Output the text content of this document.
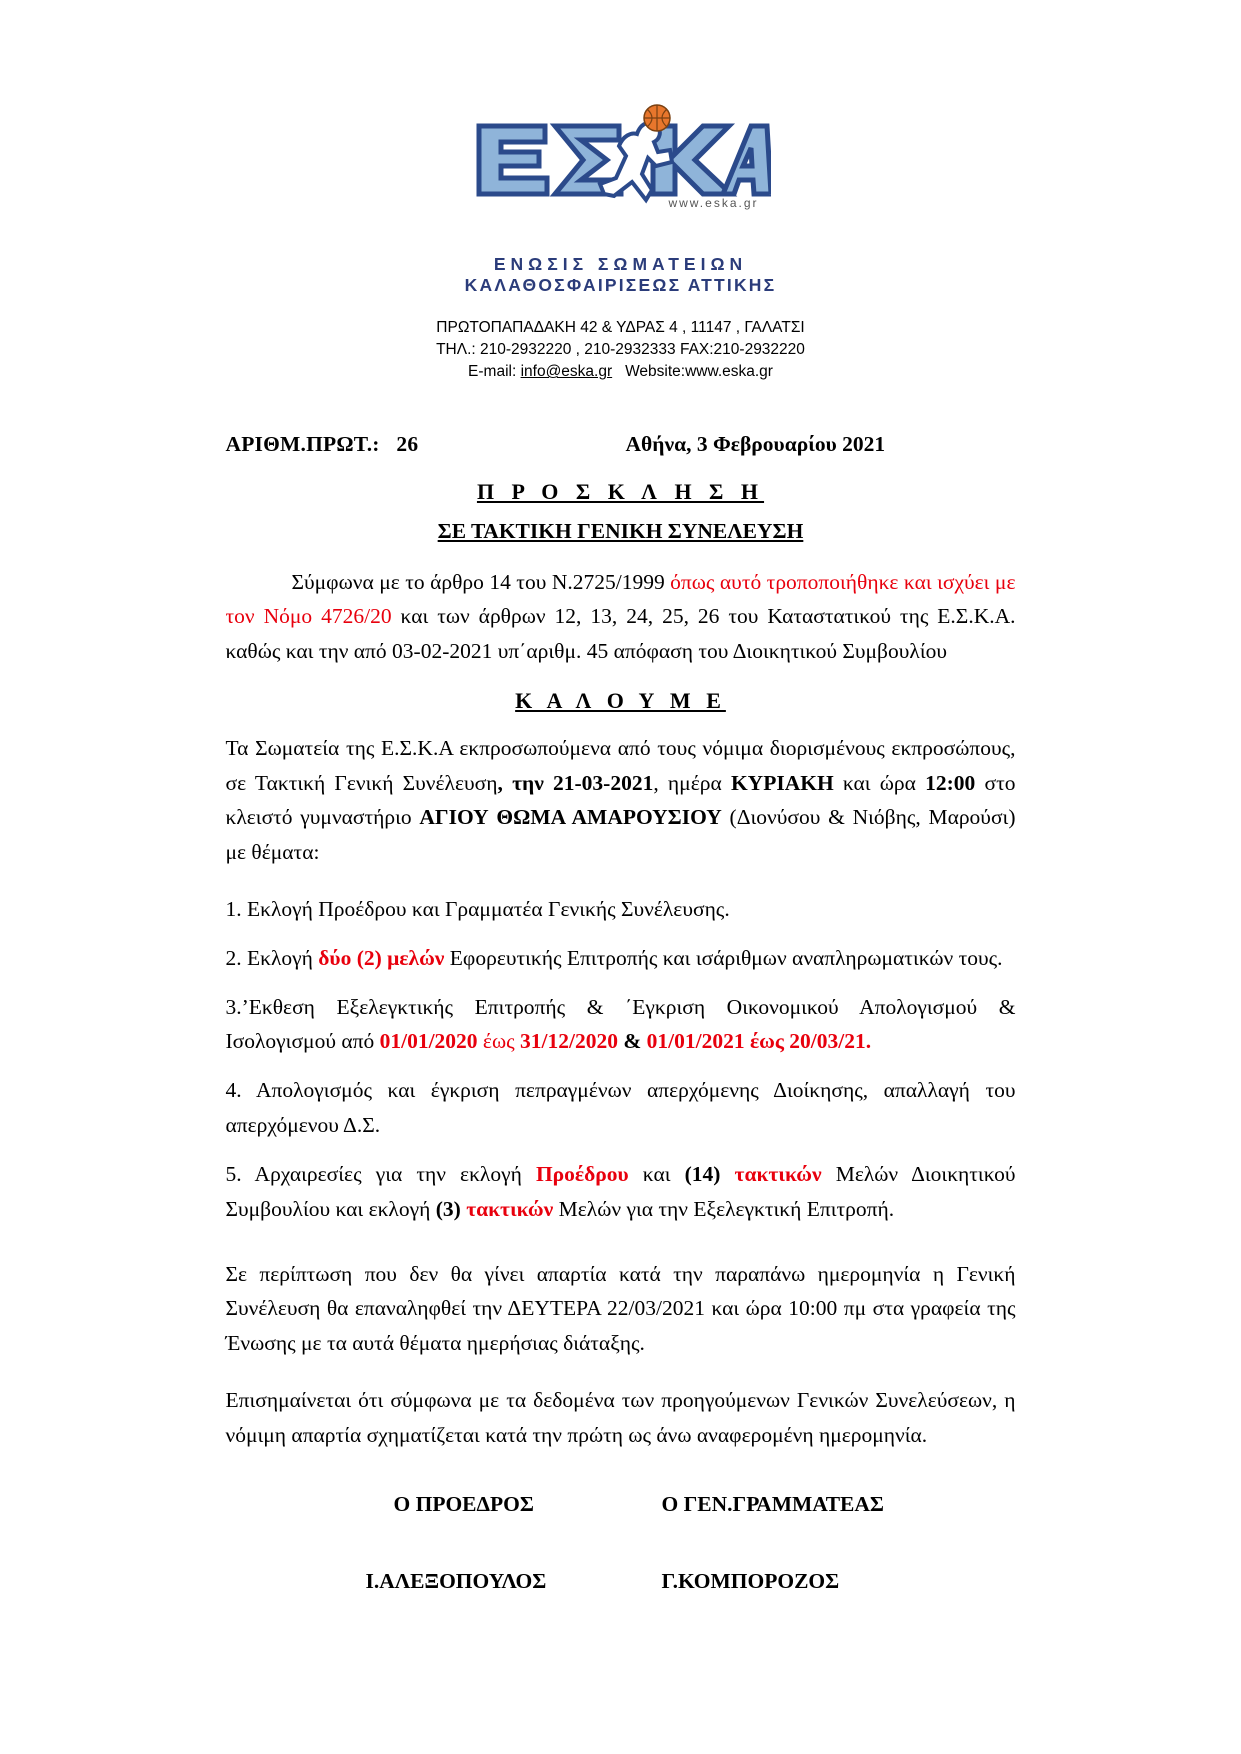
www.eska.gr
ΕΝΩΣΙΣ ΣΩΜΑΤΕΙΩΝ
ΚΑΛΑΘΟΣΦΑΙΡΙΣΕΩΣ ΑΤΤΙΚΗΣ
ΠΡΩΤΟΠΑΠΑΔΑΚΗ 42 & ΥΔΡΑΣ 4 , 11147 , ΓΑΛΑΤΣΙ
ΤΗΛ.: 210-2932220 , 210-2932333 FAX:210-2932220
E-mail: info@eska.gr Website:www.eska.gr
ΑΡΙΘΜ.ΠΡΩΤ.: 26	Αθήνα, 3 Φεβρουαρίου 2021
Π Ρ Ο Σ Κ Λ Η Σ Η
ΣΕ ΤΑΚΤΙΚΗ ΓΕΝΙΚΗ ΣΥΝΕΛΕΥΣΗ

Σύμφωνα με το άρθρο 14 του Ν.2725/1999 όπως αυτό τροποποιήθηκε και ισχύει με τον Νόμο 4726/20 και των άρθρων 12, 13, 24, 25, 26 του Καταστατικού της Ε.Σ.Κ.Α. καθώς και την από 03-02-2021 υπ΄αριθμ. 45 απόφαση του Διοικητικού Συμβουλίου

Κ Α Λ Ο Υ Μ Ε

Τα Σωματεία της Ε.Σ.Κ.Α εκπροσωπούμενα από τους νόμιμα διορισμένους εκπροσώπους, σε Τακτική Γενική Συνέλευση, την 21-03-2021, ημέρα ΚΥΡΙΑΚΗ και ώρα 12:00 στο κλειστό γυμναστήριο ΑΓΙΟΥ ΘΩΜΑ ΑΜΑΡΟΥΣΙΟΥ (Διονύσου & Νιόβης, Μαρούσι) με θέματα:

1. Εκλογή Προέδρου και Γραμματέα Γενικής Συνέλευσης.

2. Εκλογή δύο (2) μελών Εφορευτικής Επιτροπής και ισάριθμων αναπληρωματικών τους.

3.’Εκθεση Εξελεγκτικής Επιτροπής & ΄Εγκριση Οικονομικού Απολογισμού & Ισολογισμού από 01/01/2020 έως 31/12/2020 & 01/01/2021 έως 20/03/21.

4. Απολογισμός και έγκριση πεπραγμένων απερχόμενης Διοίκησης, απαλλαγή του απερχόμενου Δ.Σ.

5. Αρχαιρεσίες για την εκλογή Προέδρου και (14) τακτικών Μελών Διοικητικού Συμβουλίου και εκλογή (3) τακτικών Μελών για την Εξελεγκτική Επιτροπή.

Σε περίπτωση που δεν θα γίνει απαρτία κατά την παραπάνω ημερομηνία η Γενική Συνέλευση θα επαναληφθεί την ΔΕΥΤΕΡΑ 22/03/2021 και ώρα 10:00 πμ στα γραφεία της Ένωσης με τα αυτά θέματα ημερήσιας διάταξης.

Επισημαίνεται ότι σύμφωνα με τα δεδομένα των προηγούμενων Γενικών Συνελεύσεων, η νόμιμη απαρτία σχηματίζεται κατά την πρώτη ως άνω αναφερομένη ημερομηνία.

Ο ΠΡΟΕΔΡΟΣ	Ο ΓΕΝ.ΓΡΑΜΜΑΤΕΑΣ
Ι.ΑΛΕΞΟΠΟΥΛΟΣ	Γ.ΚΟΜΠΟΡΟΖΟΣ
